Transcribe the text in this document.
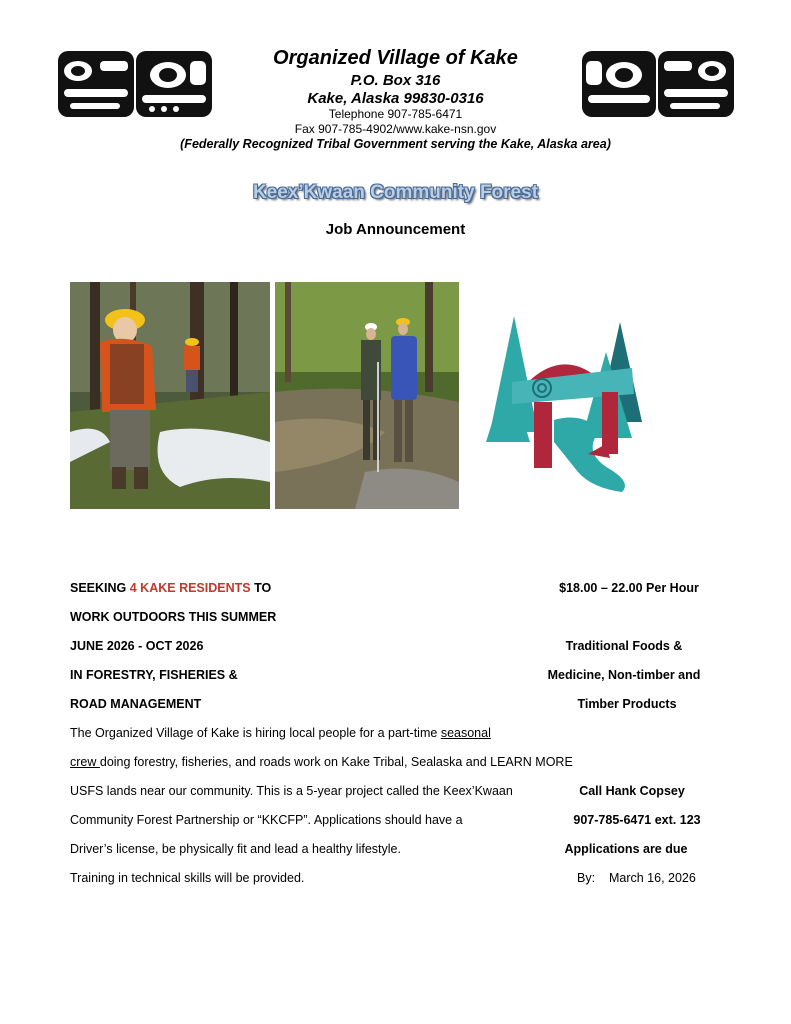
Organized Village of Kake
P.O. Box 316
Kake, Alaska 99830-0316
Telephone 907-785-6471
Fax 907-785-4902/www.kake-nsn.gov
(Federally Recognized Tribal Government serving the Kake, Alaska area)
Keex’Kwaan Community Forest
Job Announcement
SEEKING 4 KAKE RESIDENTS TO
WORK OUTDOORS THIS SUMMER
JUNE 2026 - OCT 2026
IN FORESTRY, FISHERIES &
ROAD MANAGEMENT
$18.00 – 22.00 Per Hour
Traditional Foods &
Medicine, Non-timber and
Timber Products
The Organized Village of Kake is hiring local people for a part-time seasonal
crew doing forestry, fisheries, and roads work on Kake Tribal, Sealaska and LEARN MORE
USFS lands near our community. This is a 5-year project called the Keex’Kwaan
Community Forest Partnership or “KKCFP”. Applications should have a
Driver’s license, be physically fit and lead a healthy lifestyle.
Training in technical skills will be provided.
Call Hank Copsey
907-785-6471 ext. 123
Applications are due
By: March 16, 2026
